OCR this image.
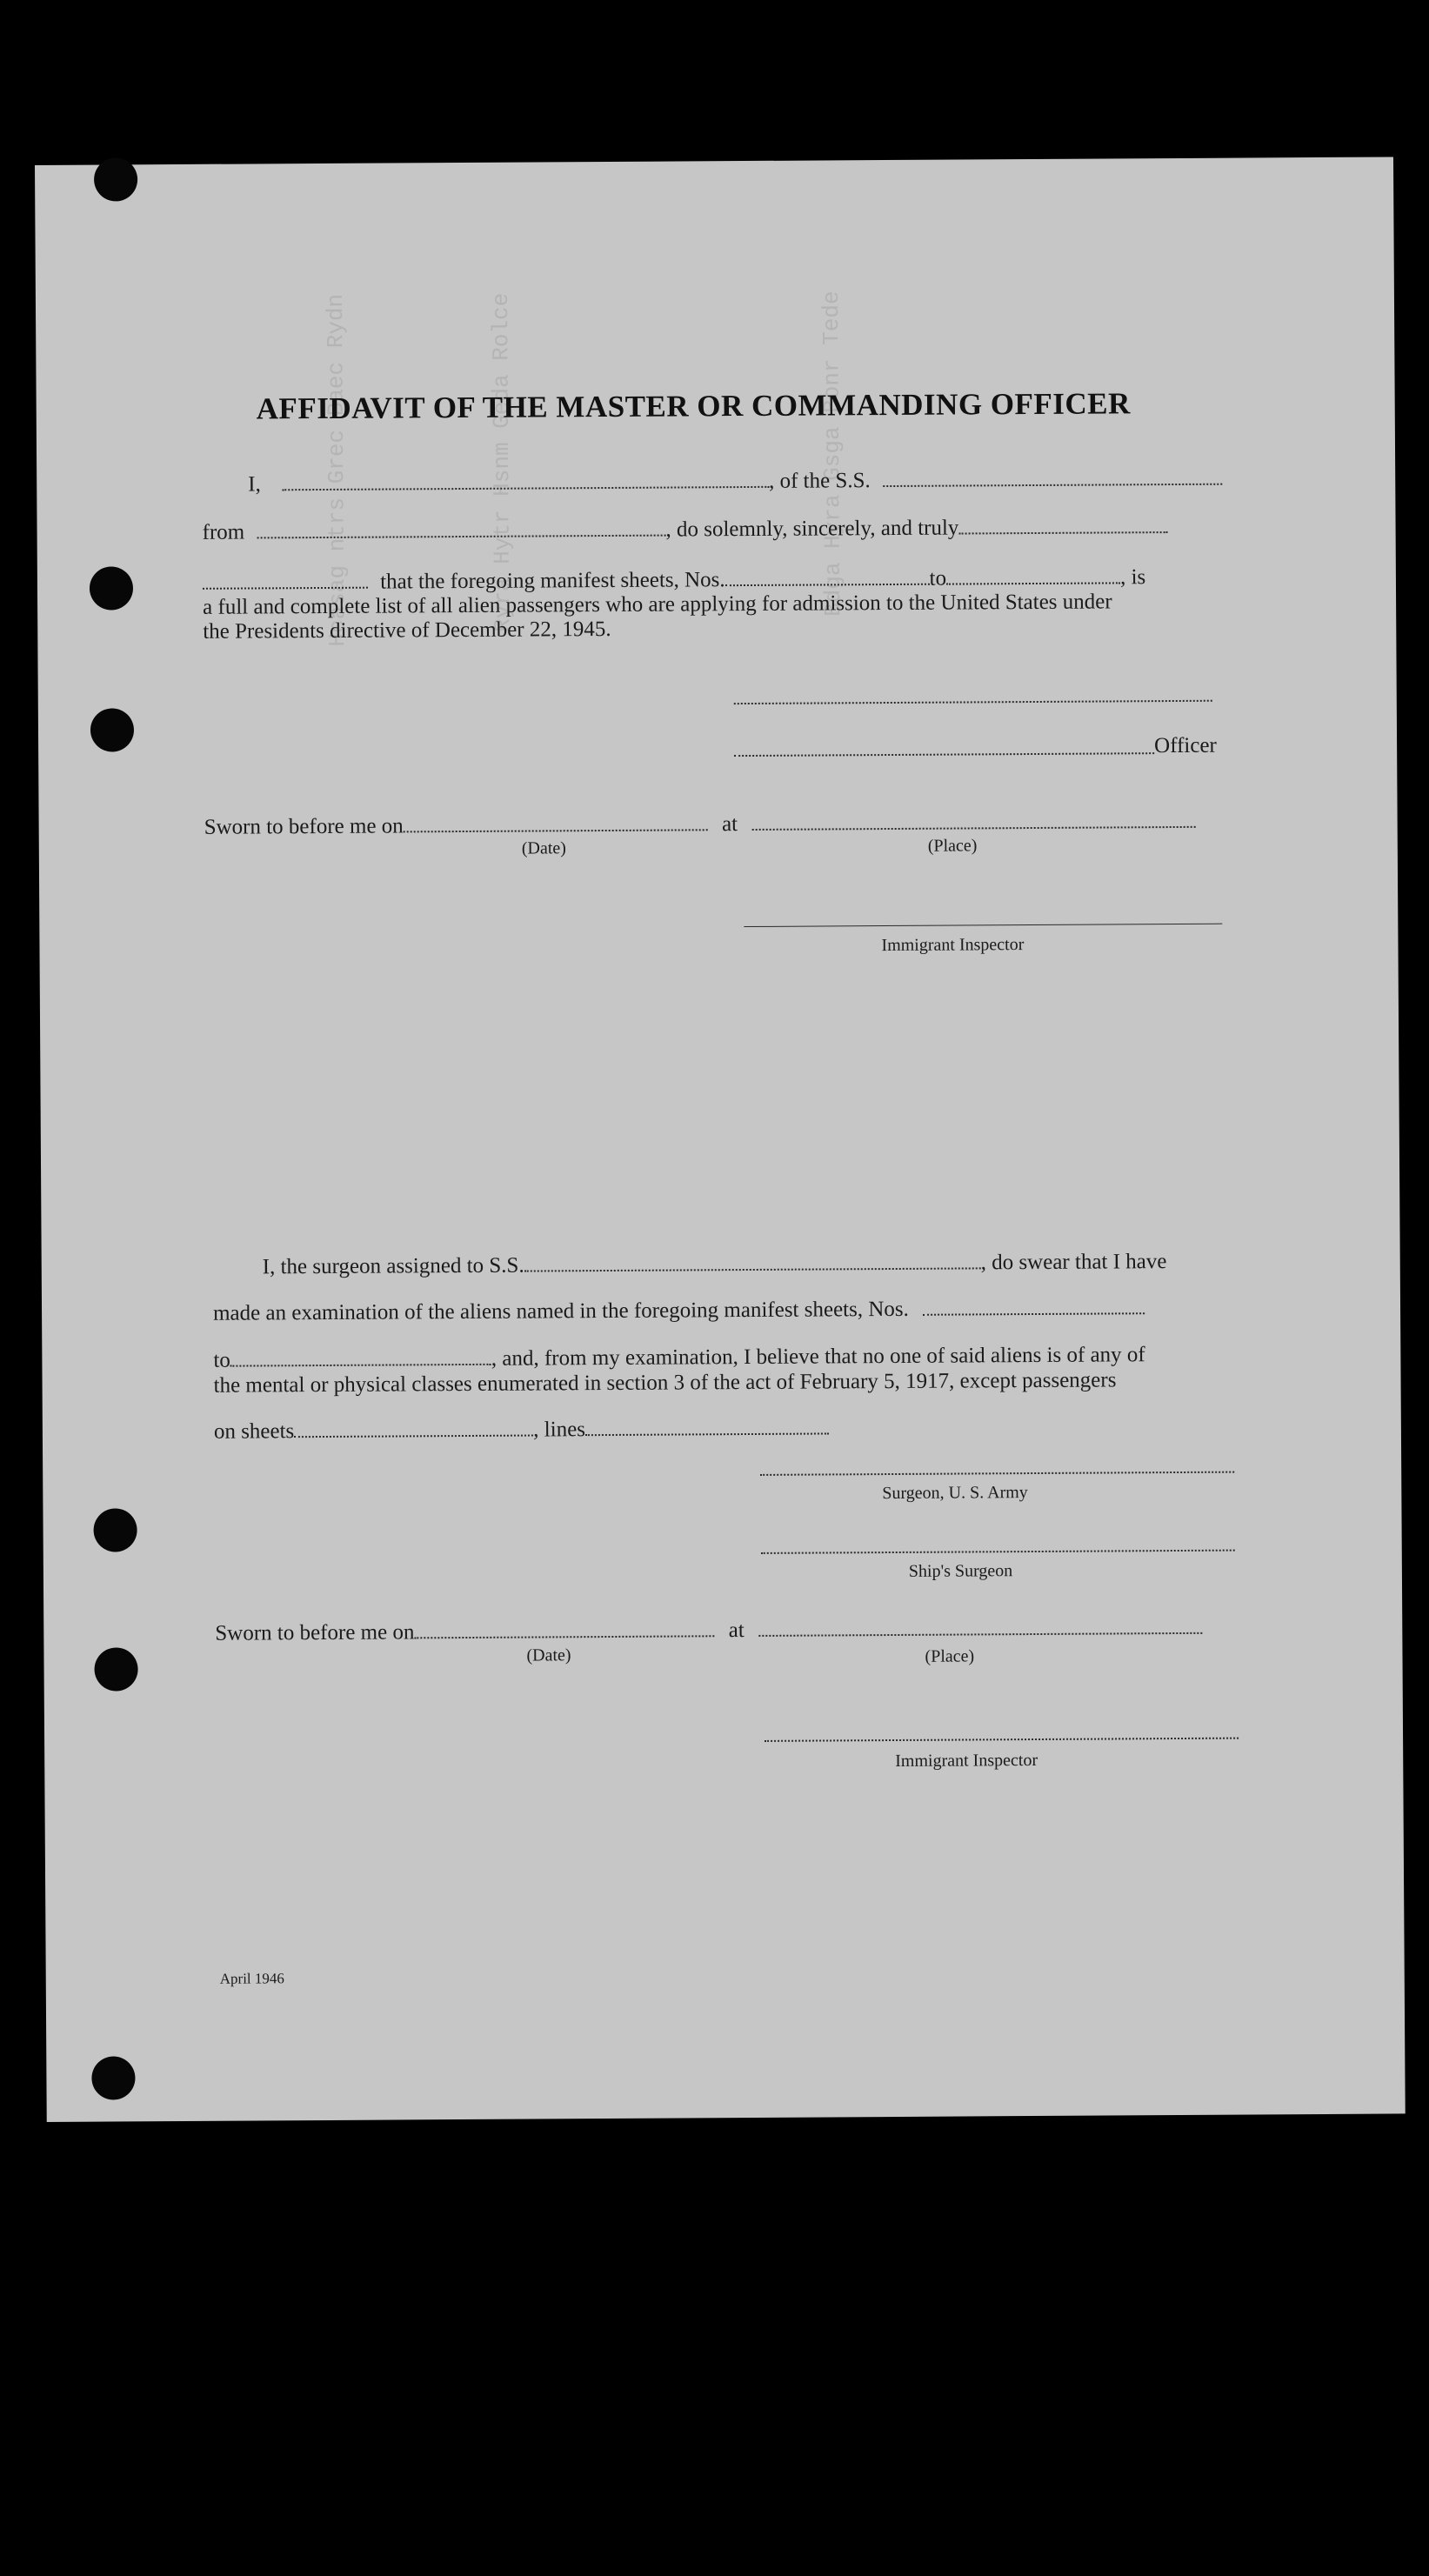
Hcasag ntrs Grec Baec Rydn	Ryra Hytr Hsnm Geda Rolce	Bdga Hyra Gsga Bonr Tede
AFFIDAVIT OF THE MASTER OR COMMANDING OFFICER
I,	, of the S.S.
from	, do solemnly, sincerely, and truly
that the foregoing manifest sheets, Nos.	to	, is
a full and complete list of all alien passengers who are applying for admission to the United States under
the Presidents directive of December 22, 1945.
Officer
Sworn to before me on	at
(Date)	(Place)
Immigrant Inspector
I, the surgeon assigned to S.S.	, do swear that I have
made an examination of the aliens named in the foregoing manifest sheets, Nos.
to	, and, from my examination, I believe that no one of said aliens is of any of
the mental or physical classes enumerated in section 3 of the act of February 5, 1917, except passengers
on sheets	, lines
Surgeon, U. S. Army
Ship's Surgeon
Sworn to before me on	at
(Date)	(Place)
Immigrant Inspector
April 1946
